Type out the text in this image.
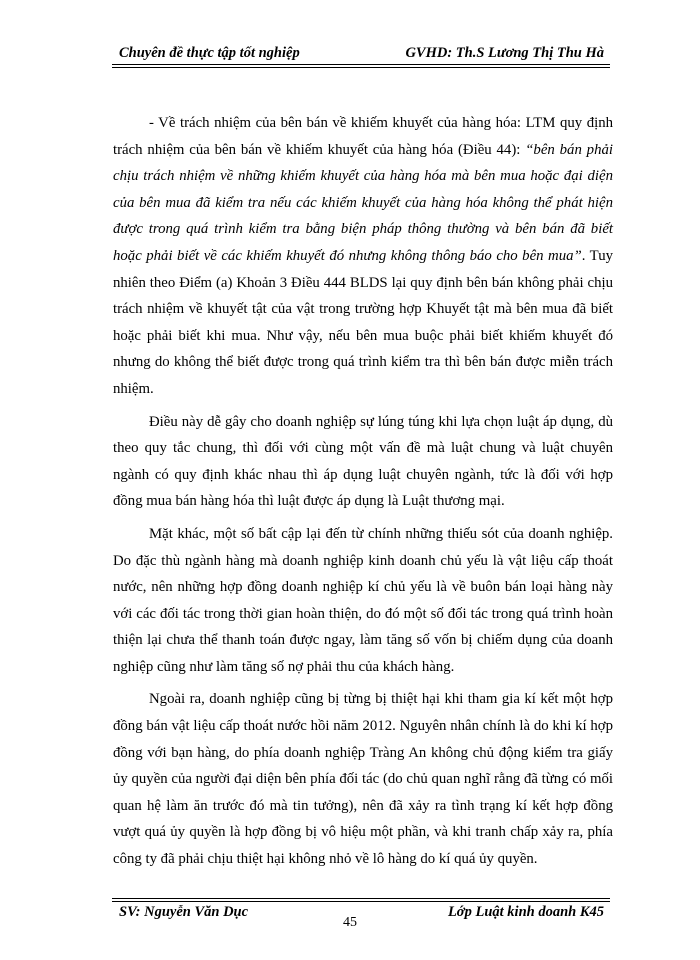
Chuyên đề thực tập tốt nghiệp	GVHD: Th.S Lương Thị Thu Hà

- Về trách nhiệm của bên bán về khiếm khuyết của hàng hóa: LTM quy định trách nhiệm của bên bán về khiếm khuyết của hàng hóa (Điều 44): “bên bán phải chịu trách nhiệm về những khiếm khuyết của hàng hóa mà bên mua hoặc đại diện của bên mua đã kiểm tra nếu các khiếm khuyết của hàng hóa không thể phát hiện được trong quá trình kiểm tra bằng biện pháp thông thường và bên bán đã biết hoặc phải biết về các khiếm khuyết đó nhưng không thông báo cho bên mua”. Tuy nhiên theo Điểm (a) Khoản 3 Điều 444 BLDS lại quy định bên bán không phải chịu trách nhiệm về khuyết tật của vật trong trường hợp Khuyết tật mà bên mua đã biết hoặc phải biết khi mua. Như vậy, nếu bên mua buộc phải biết khiếm khuyết đó nhưng do không thể biết được trong quá trình kiểm tra thì bên bán được miễn trách nhiệm.

Điều này dễ gây cho doanh nghiệp sự lúng túng khi lựa chọn luật áp dụng, dù theo quy tắc chung, thì đối với cùng một vấn đề mà luật chung và luật chuyên ngành có quy định khác nhau thì áp dụng luật chuyên ngành, tức là đối với hợp đồng mua bán hàng hóa thì luật được áp dụng là Luật thương mại.

Mặt khác, một số bất cập lại đến từ chính những thiếu sót của doanh nghiệp. Do đặc thù ngành hàng mà doanh nghiệp kinh doanh chủ yếu là vật liệu cấp thoát nước, nên những hợp đồng doanh nghiệp kí chủ yếu là về buôn bán loại hàng này với các đối tác trong thời gian hoàn thiện, do đó một số đối tác trong quá trình hoàn thiện lại chưa thể thanh toán được ngay, làm tăng số vốn bị chiếm dụng của doanh nghiệp cũng như làm tăng số nợ phải thu của khách hàng.

Ngoài ra, doanh nghiệp cũng bị từng bị thiệt hại khi tham gia kí kết một hợp đồng bán vật liệu cấp thoát nước hồi năm 2012. Nguyên nhân chính là do khi kí hợp đồng với bạn hàng, do phía doanh nghiệp Tràng An không chủ động kiểm tra giấy ủy quyền của người đại diện bên phía đối tác (do chủ quan nghĩ rằng đã từng có mối quan hệ làm ăn trước đó mà tin tưởng), nên đã xảy ra tình trạng kí kết hợp đồng vượt quá ủy quyền là hợp đồng bị vô hiệu một phần, và khi tranh chấp xảy ra, phía công ty đã phải chịu thiệt hại không nhỏ về lô hàng do kí quá ủy quyền.

SV: Nguyễn Văn Dục	Lớp Luật kinh doanh K45
45
